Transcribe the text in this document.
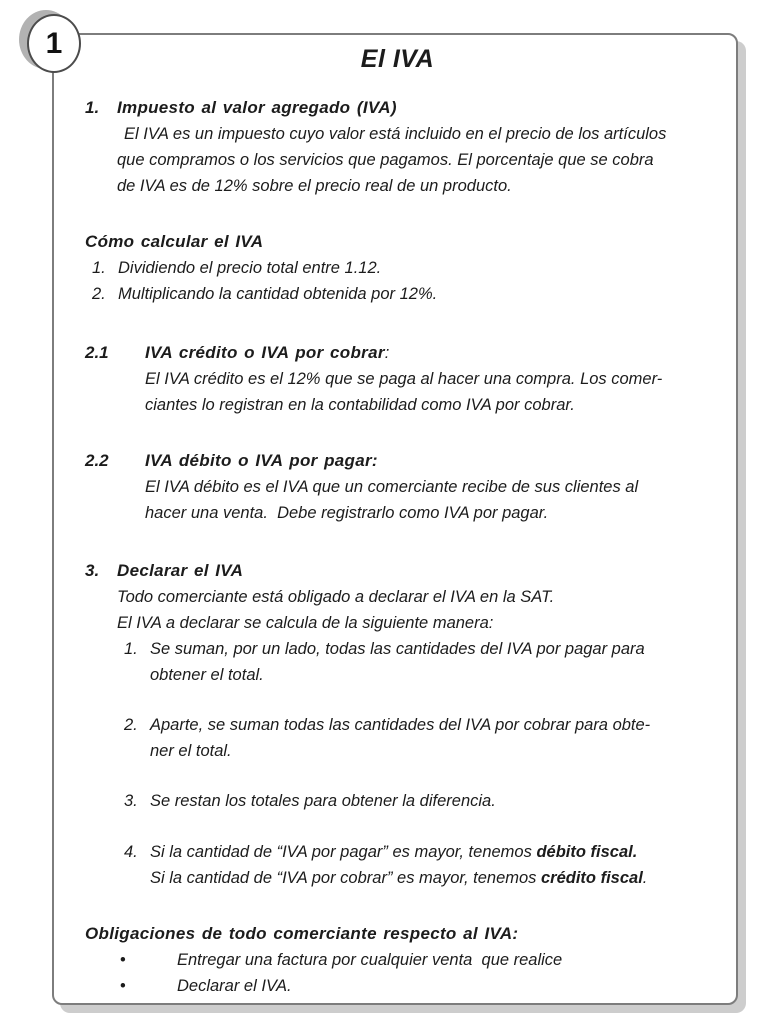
1	El IVA
1.	Impuesto al valor agregado (IVA)
El IVA es un impuesto cuyo valor está incluido en el precio de los artículos
que compramos o los servicios que pagamos. El porcentaje que se cobra
de IVA es de 12% sobre el precio real de un producto.
Cómo calcular el IVA
1. Dividiendo el precio total entre 1.12.
2. Multiplicando la cantidad obtenida por 12%.
2.1	IVA crédito o IVA por cobrar:
El IVA crédito es el 12% que se paga al hacer una compra. Los comer-
ciantes lo registran en la contabilidad como IVA por cobrar.
2.2	IVA débito o IVA por pagar:
El IVA débito es el IVA que un comerciante recibe de sus clientes al
hacer una venta.  Debe registrarlo como IVA por pagar.
3.	Declarar el IVA
Todo comerciante está obligado a declarar el IVA en la SAT.
El IVA a declarar se calcula de la siguiente manera:
1. Se suman, por un lado, todas las cantidades del IVA por pagar para
obtener el total.
2. Aparte, se suman todas las cantidades del IVA por cobrar para obte-
ner el total.
3. Se restan los totales para obtener la diferencia.
4. Si la cantidad de “IVA por pagar” es mayor, tenemos débito fiscal.
Si la cantidad de “IVA por cobrar” es mayor, tenemos crédito fiscal.
Obligaciones de todo comerciante respecto al IVA:
•	Entregar una factura por cualquier venta  que realice
•	Declarar el IVA.
